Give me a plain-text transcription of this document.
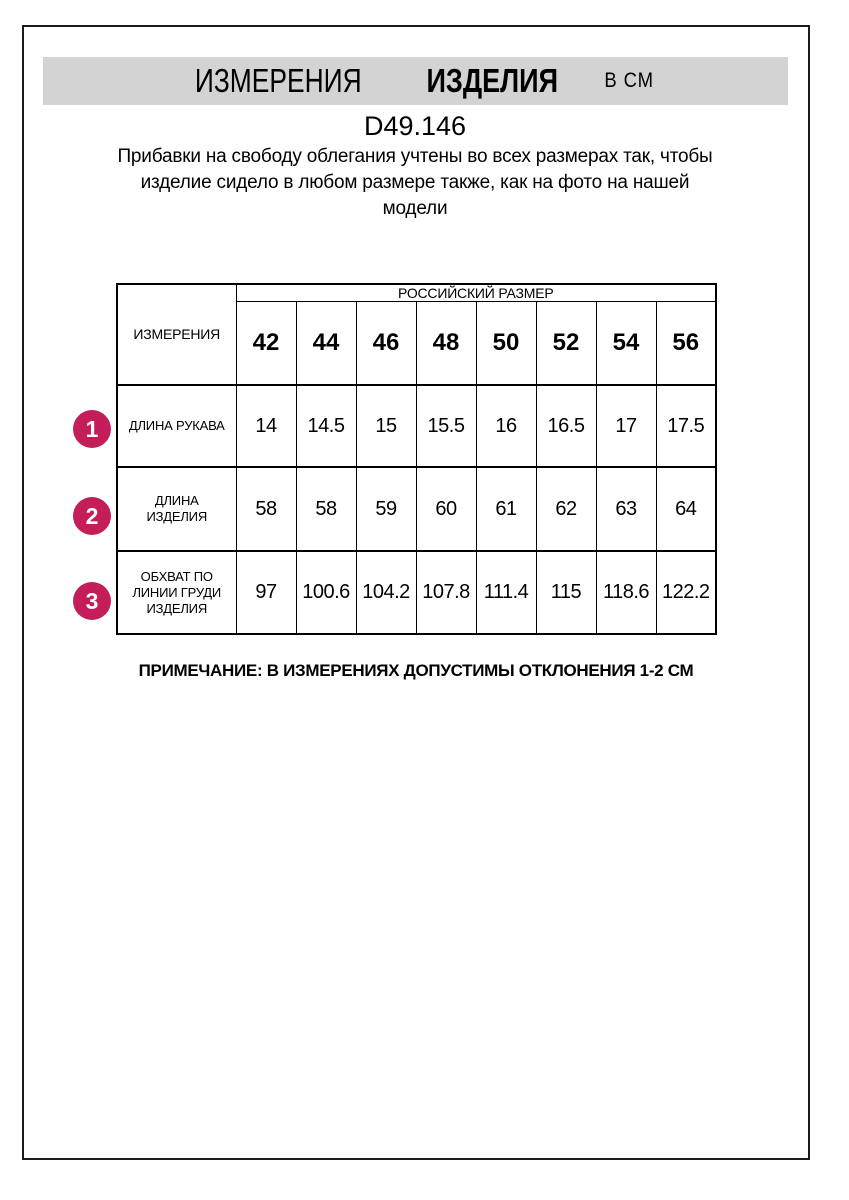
ИЗМЕРЕНИЯ ИЗДЕЛИЯ В СМ
D49.146
Прибавки на свободу облегания учтены во всех размерах так, чтобы
изделие сидело в любом размере также, как на фото на нашей
модели
ИЗМЕРЕНИЯ	РОССИЙСКИЙ РАЗМЕР							
	42	44	46	48	50	52	54	56

ДЛИНА РУКАВА	14	14.5	15	15.5	16	16.5	17	17.5

ДЛИНА
ИЗДЕЛИЯ	58	58	59	60	61	62	63	64

ОБХВАТ ПО
ЛИНИИ ГРУДИ
ИЗДЕЛИЯ	97	100.6	104.2	107.8	111.4	115	118.6	122.2
1
2
3
ПРИМЕЧАНИЕ: В ИЗМЕРЕНИЯХ ДОПУСТИМЫ ОТКЛОНЕНИЯ 1-2 СМ
